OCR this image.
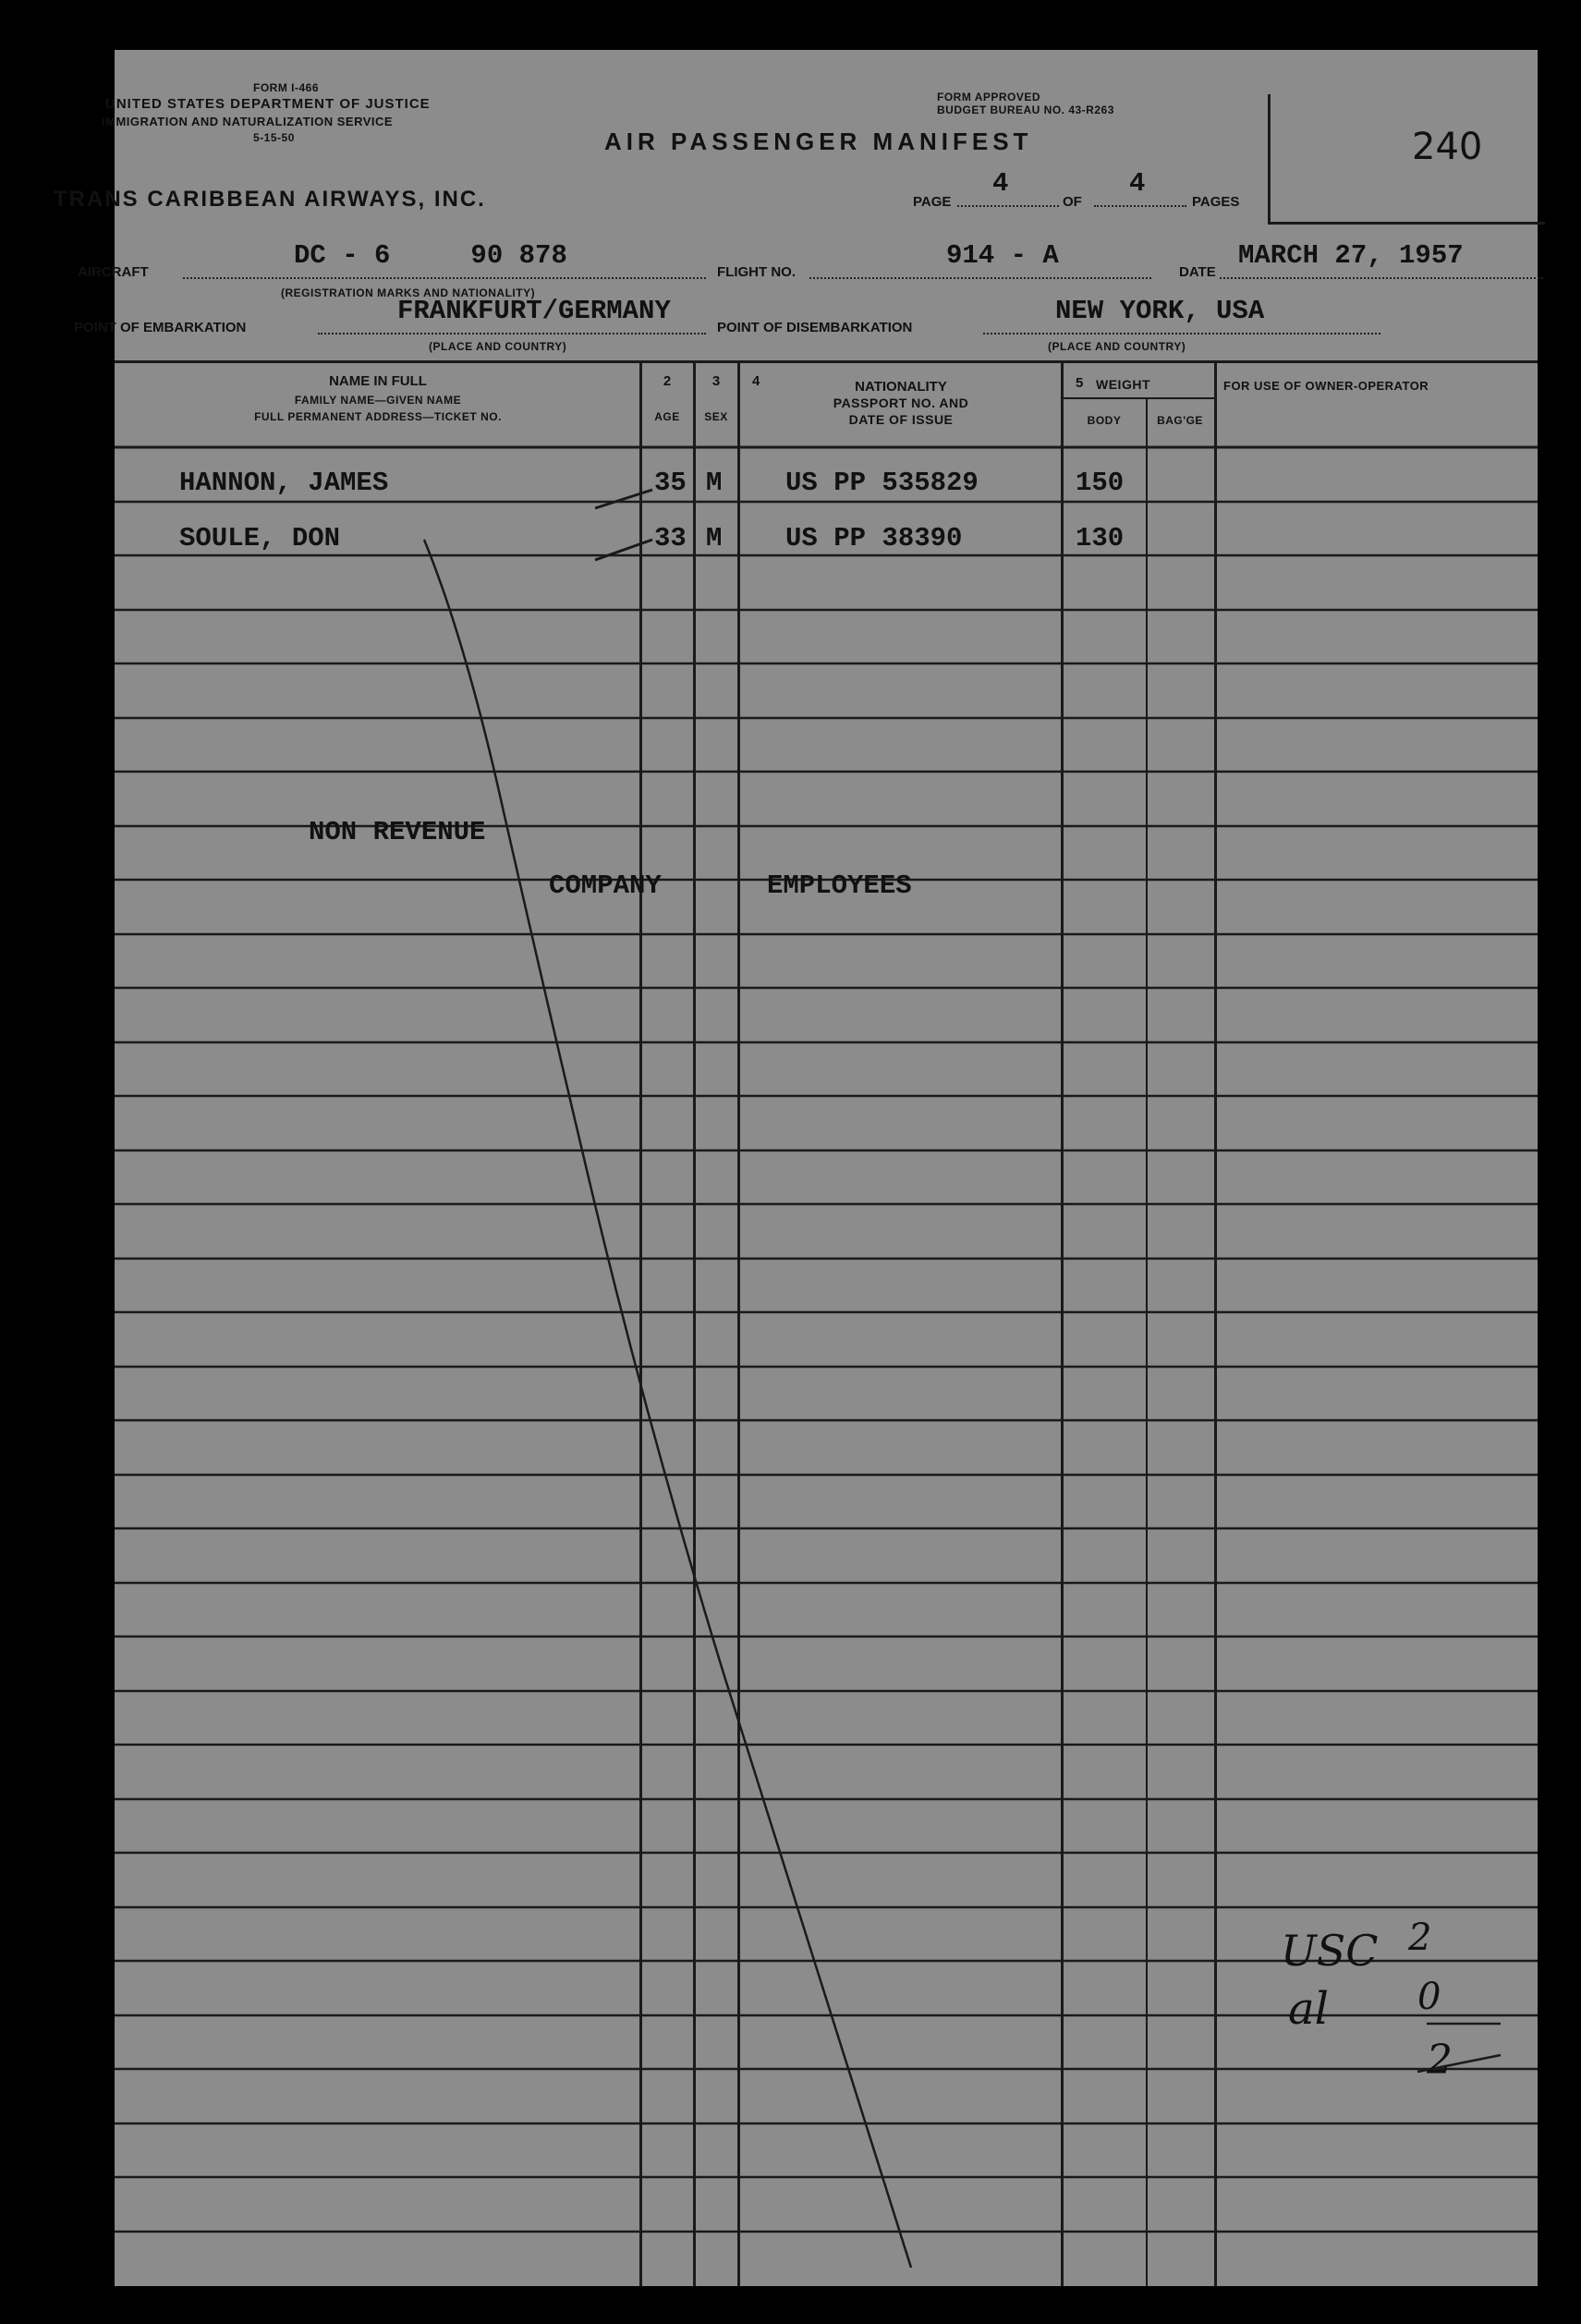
FORM I-466
UNITED STATES DEPARTMENT OF JUSTICE
IMMIGRATION AND NATURALIZATION SERVICE
5-15-50
FORM APPROVED
BUDGET BUREAU NO. 43-R263
AIR PASSENGER MANIFEST
TRANS CARIBBEAN AIRWAYS, INC.	PAGE
4
OF
4
PAGES
240
AIRCRAFT
DC - 6     90 878
(REGISTRATION MARKS AND NATIONALITY)
FLIGHT NO.
914 - A
DATE
MARCH 27, 1957
POINT OF EMBARKATION
FRANKFURT/GERMANY
(PLACE AND COUNTRY)
POINT OF DISEMBARKATION
NEW YORK, USA
(PLACE AND COUNTRY)
NAME IN FULL
FAMILY NAME—GIVEN NAME
FULL PERMANENT ADDRESS—TICKET NO.
2
AGE
3
SEX
4	NATIONALITY
PASSPORT NO. AND
DATE OF ISSUE
5 WEIGHT
BODY	BAG'GE
FOR USE OF OWNER-OPERATOR
HANNON, JAMES	35 M US PP 535829	150
SOULE, DON	33 M US PP 38390	130
NON REVENUE
COMPANY	EMPLOYEES
USC 2
al 0
2
